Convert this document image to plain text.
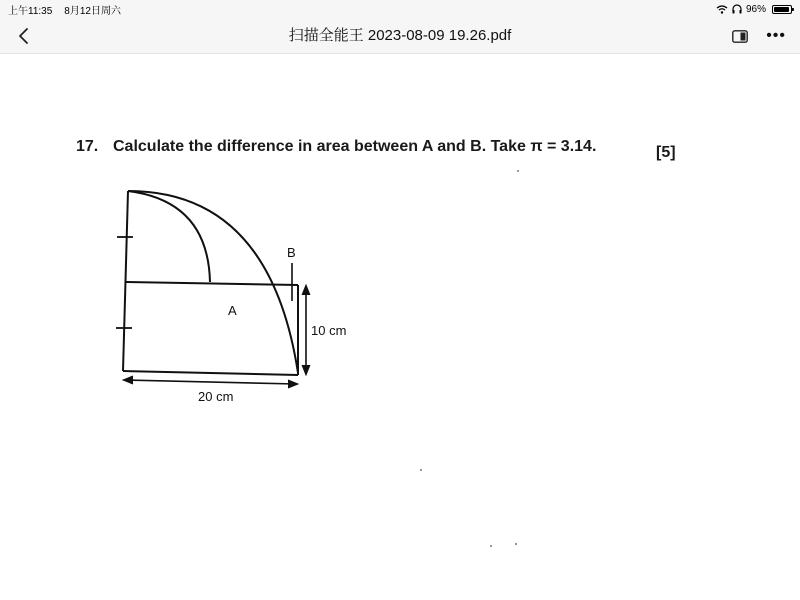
上午11:35 8月12日周六	96%
扫描全能王 2023-08-09 19.26.pdf	•••
17. Calculate the difference in area between A and B. Take π = 3.14.	[5]
A
B
10 cm
20 cm
